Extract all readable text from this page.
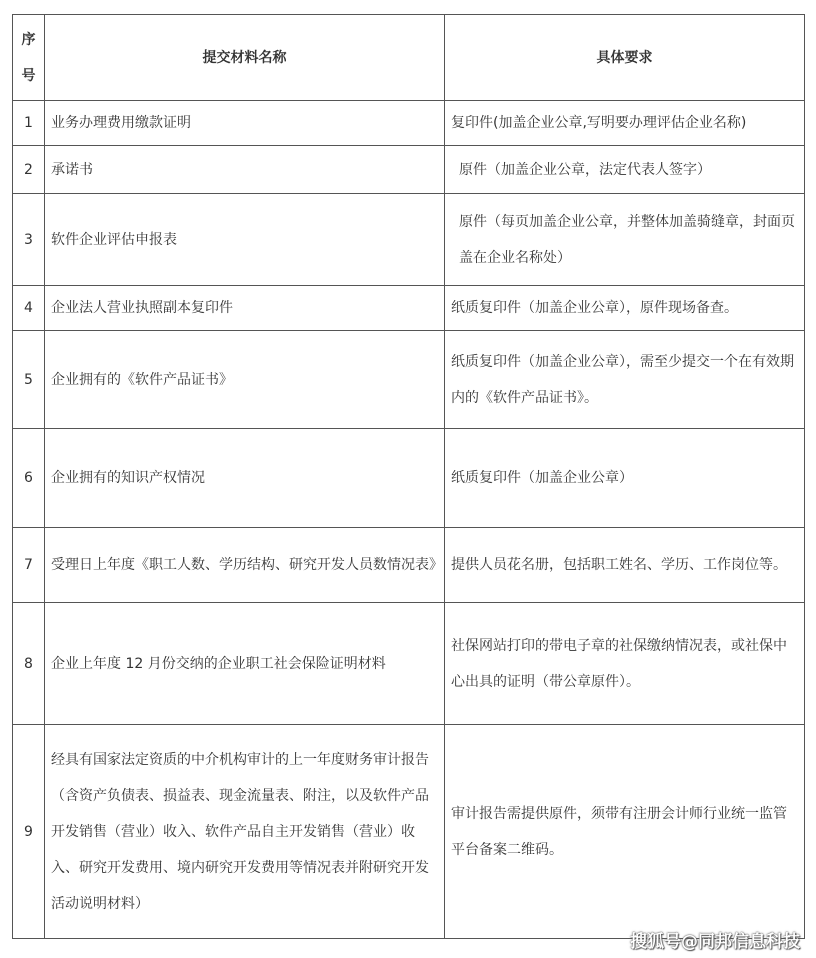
序号	提交材料名称	具体要求
1	业务办理费用缴款证明	复印件(加盖企业公章,写明要办理评估企业名称)
2	承诺书	原件（加盖企业公章，法定代表人签字）
3	软件企业评估申报表	原件（每页加盖企业公章，并整体加盖骑缝章，封面页盖在企业名称处）
4	企业法人营业执照副本复印件	纸质复印件（加盖企业公章），原件现场备查。
5	企业拥有的《软件产品证书》	纸质复印件（加盖企业公章），需至少提交一个在有效期内的《软件产品证书》。
6	企业拥有的知识产权情况	纸质复印件（加盖企业公章）
7	受理日上年度《职工人数、学历结构、研究开发人员数情况表》	提供人员花名册，包括职工姓名、学历、工作岗位等。
8	企业上年度 12 月份交纳的企业职工社会保险证明材料	社保网站打印的带电子章的社保缴纳情况表，或社保中心出具的证明（带公章原件）。
9	经具有国家法定资质的中介机构审计的上一年度财务审计报告（含资产负债表、损益表、现金流量表、附注，以及软件产品开发销售（营业）收入、软件产品自主开发销售（营业）收入、研究开发费用、境内研究开发费用等情况表并附研究开发活动说明材料）	审计报告需提供原件，须带有注册会计师行业统一监管平台备案二维码。
搜狐号@同邦信息科技
